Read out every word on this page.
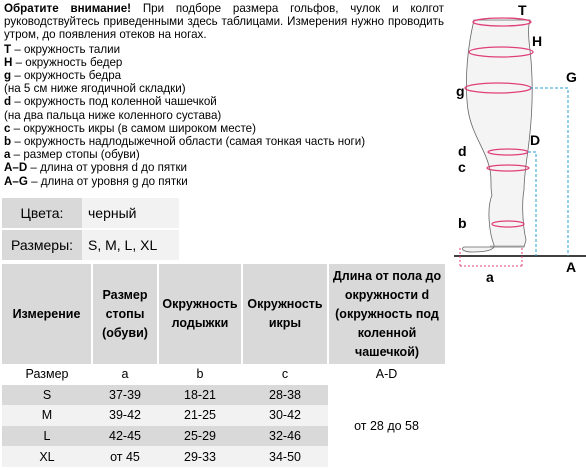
Обратите внимание! При подборе размера гольфов, чулок и колгот руководствуйтесь приведенными здесь таблицами. Измерения нужно проводить утром, до появления отеков на ногах.

T – окружность талии

H – окружность бедер

g – окружность бедра

(на 5 см ниже ягодичной складки)

d – окружность под коленной чашечкой

(на два пальца ниже коленного сустава)

c – окружность икры (в самом широком месте)

b – окружность надлодыжечной области (самая тонкая часть ноги)

a – размер стопы (обуви)

A–D – длина от уровня d до пятки

A–G – длина от уровня g до пятки

Цвета:	черный
Размеры:	S, M, L, XL
Измерение	Размер стопы (обуви)	Окружность лодыжки	Окружность икры	Длина от пола до окружности d (окружность под коленной чашечкой)
Размер	a	b	c	A-D
S	37-39	18-21	28-38	от 28 до 58
M	39-42	21-25	30-42	
L	42-45	25-29	32-46	
XL	от 45	29-33	34-50	
T
H
G
g
D
d
c
b
a
A
